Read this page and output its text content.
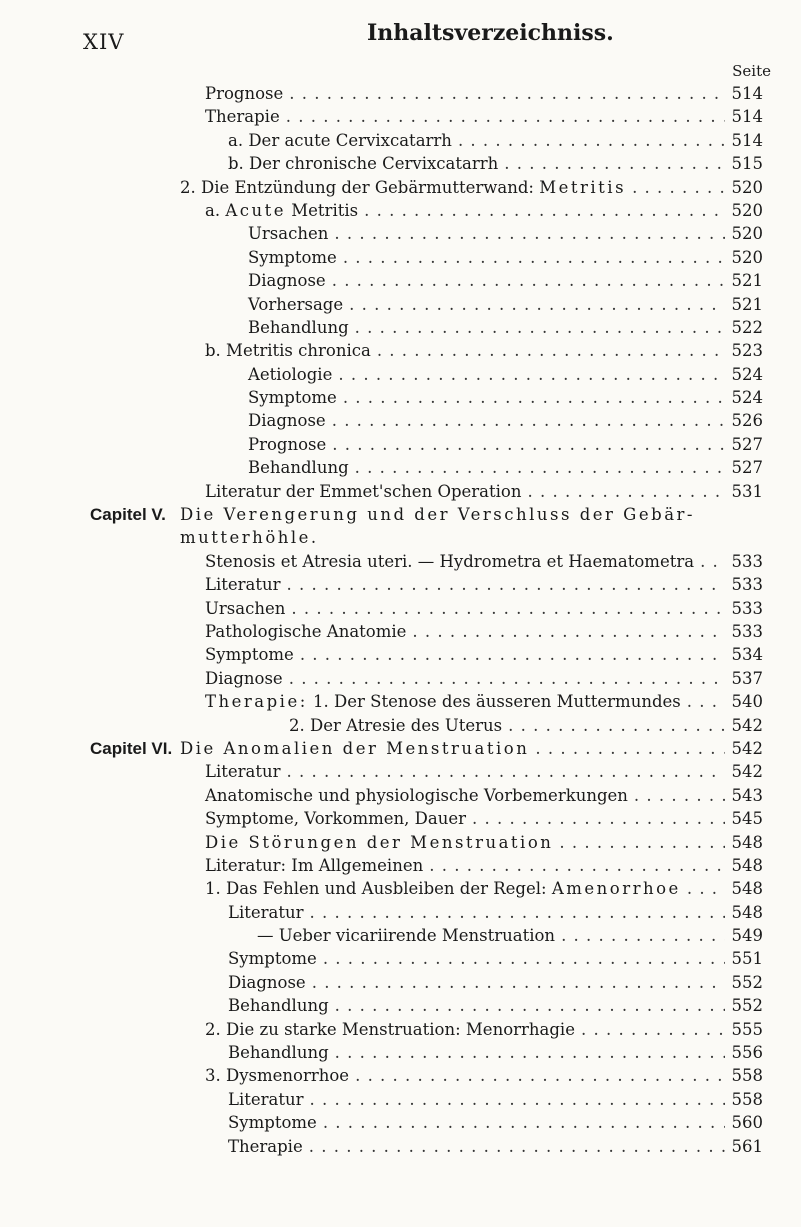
XIV	Inhaltsverzeichniss.
Seite
Prognose . . .	514
Therapie . . .	514
a. Der acute Cervixcatarrh . . .	514
b. Der chronische Cervixcatarrh . . .	515
2. Die Entzündung der Gebärmutterwand: Metritis . . .	520
a. Acute Metritis . . .	520
Ursachen . . .	520
Symptome . . .	520
Diagnose . . .	521
Vorhersage . . .	521
Behandlung . . .	522
b. Metritis chronica . . .	523
Aetiologie . . .	524
Symptome . . .	524
Diagnose . . .	526
Prognose . . .	527
Behandlung . . .	527
Literatur der Emmet'schen Operation . . .	531
Capitel V. Die Verengerung und der Verschluss der Gebär-
mutterhöhle.
Stenosis et Atresia uteri. — Hydrometra et Haematometra . . . 533
Literatur . . .	533
Ursachen . . .	533
Pathologische Anatomie . . .	533
Symptome . . .	534
Diagnose . . .	537
Therapie: 1. Der Stenose des äusseren Muttermundes . . .	540
2. Der Atresie des Uterus . . .	542
Capitel VI. Die Anomalien der Menstruation . . .	542
Literatur . . .	542
Anatomische und physiologische Vorbemerkungen . . .	543
Symptome, Vorkommen, Dauer . . .	545
Die Störungen der Menstruation . . .	548
Literatur: Im Allgemeinen . . .	548
1. Das Fehlen und Ausbleiben der Regel: Amenorrhoe . . .	548
Literatur . . .	548
— Ueber vicariirende Menstruation . . .	549
Symptome . . .	551
Diagnose . . .	552
Behandlung . . .	552
2. Die zu starke Menstruation: Menorrhagie . . .	555
Behandlung . . .	556
3. Dysmenorrhoe . . .	558
Literatur . . .	558
Symptome . . .	560
Therapie . . .	561
